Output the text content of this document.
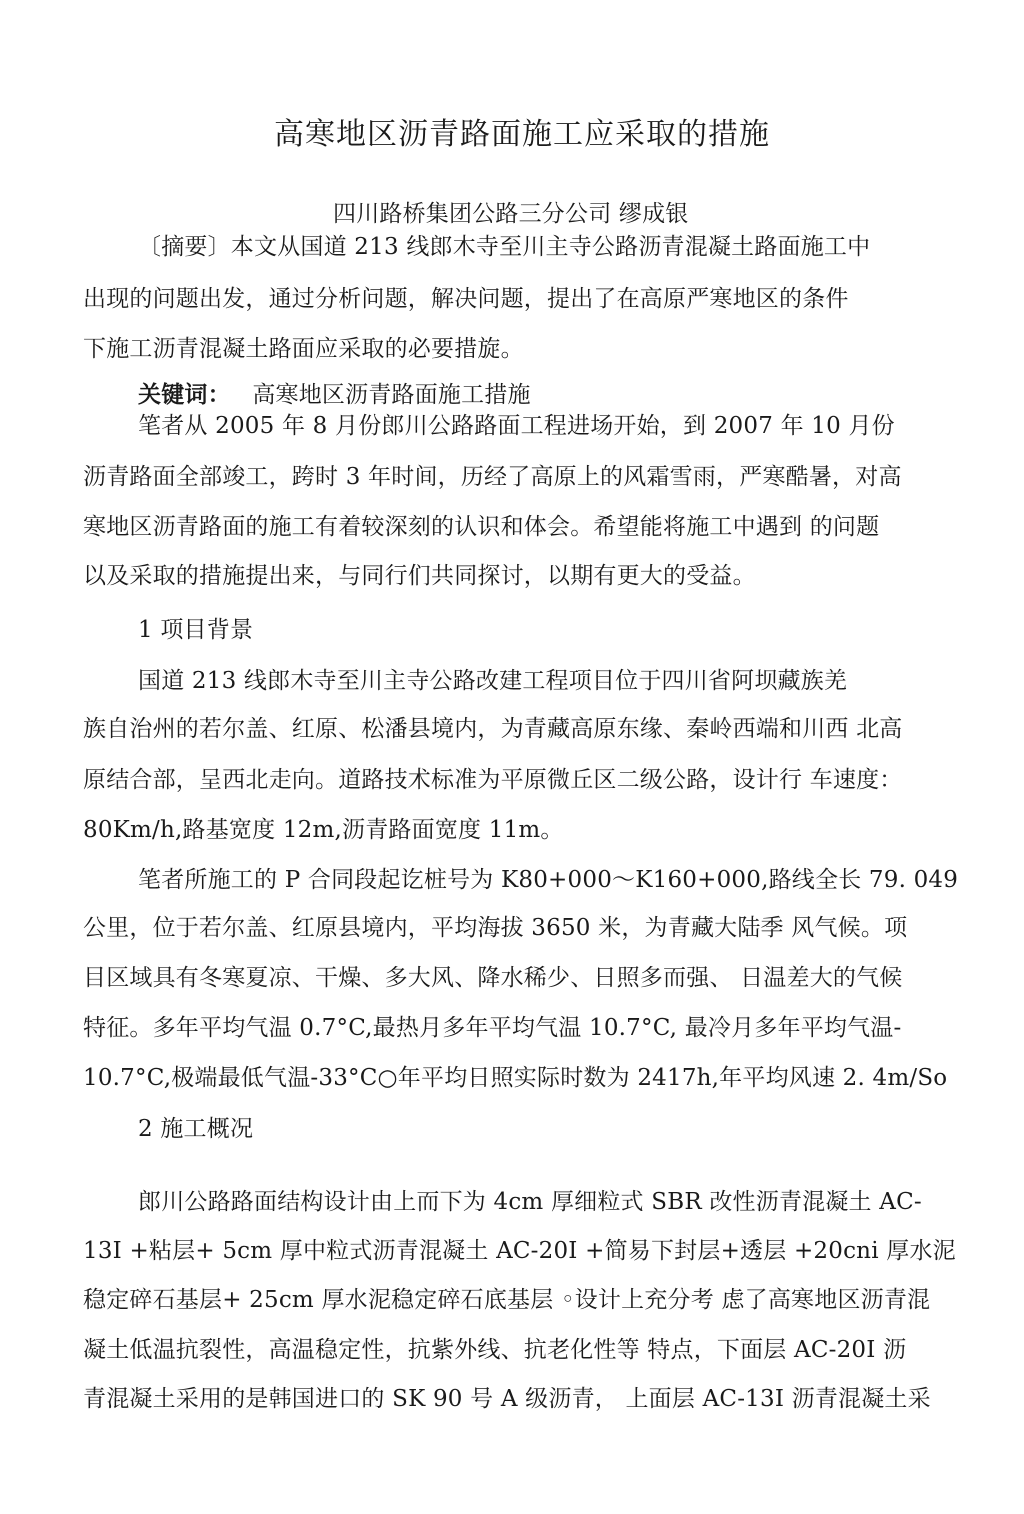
高寒地区沥青路面施工应采取的措施
四川路桥集团公路三分公司 缪成银
〔摘要〕本文从国道 213 线郎木寺至川主寺公路沥青混凝土路面施工中
出现的问题出发，通过分析问题，解决问题，提出了在高原严寒地区的条件
下施工沥青混凝土路面应采取的必要措旋。
关键词： 高寒地区沥青路面施工措施
笔者从 2005 年 8 月份郎川公路路面工程进场开始，到 2007 年 10 月份
沥青路面全部竣工，跨时 3 年时间，历经了高原上的风霜雪雨，严寒酷暑，对高
寒地区沥青路面的施工有着较深刻的认识和体会。希望能将施工中遇到 的问题
以及采取的措施提出来，与同行们共同探讨，以期有更大的受益。
1 项目背景
国道 213 线郎木寺至川主寺公路改建工程项目位于四川省阿坝藏族羌
族自治州的若尔盖、红原、松潘县境内，为青藏高原东缘、秦岭西端和川西 北高
原结合部，呈西北走向。道路技术标准为平原微丘区二级公路，设计行 车速度：
80Km/h,路基宽度 12m,沥青路面宽度 11m。
笔者所施工的 P 合同段起讫桩号为 K80+000～K160+000,路线全长 79. 049
公里，位于若尔盖、红原县境内，平均海拔 3650 米，为青藏大陆季 风气候。项
目区域具有冬寒夏凉、干燥、多大风、降水稀少、日照多而强、 日温差大的气候
特征。多年平均气温 0.7°C,最热月多年平均气温 10.7°C, 最冷月多年平均气温-
10.7°C,极端最低气温-33°C○年平均日照实际时数为 2417h,年平均风速 2. 4m/So
2 施工概况
郎川公路路面结构设计由上而下为 4cm 厚细粒式 SBR 改性沥青混凝土 AC-
13I +粘层+ 5cm 厚中粒式沥青混凝土 AC-20I +简易下封层+透层 +20cni 厚水泥
稳定碎石基层+ 25cm 厚水泥稳定碎石底基层 ◦设计上充分考 虑了高寒地区沥青混
凝土低温抗裂性，高温稳定性，抗紫外线、抗老化性等 特点，下面层 AC-20I 沥
青混凝土采用的是韩国进口的 SK 90 号 A 级沥青， 上面层 AC-13I 沥青混凝土采
